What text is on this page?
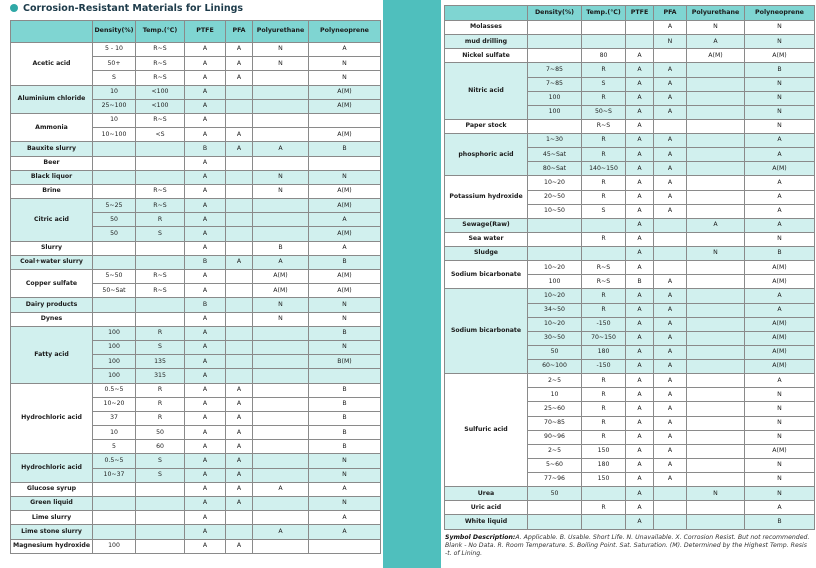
Corrosion-Resistant Materials for Linings
	Density(%)	Temp.(℃)	PTFE	PFA	Polyurethane	Polyneoprene
Acetic acid	5 - 10	R~S	A	A	N	A
	50+	R~S	A	A	N	N
	S	R~S	A	A		N
Aluminium chloride	10	<100	A			A(M)
	25~100	<100	A			A(M)
Ammonia	10	R~S	A			
	10~100	<S	A	A		A(M)
Bauxite slurry			B	A	A	B
Beer			A			
Black liquor			A		N	N
Brine		R~S	A		N	A(M)
Citric acid	5~25	R~S	A			A(M)
	50	R	A			A
	50	S	A			A(M)
Slurry			A		B	A
Coal+water slurry			B	A	A	B
Copper sulfate	5~50	R~S	A		A(M)	A(M)
	50~Sat	R~S	A		A(M)	A(M)
Dairy products			B		N	N
Dynes			A		N	N
Fatty acid	100	R	A			B
	100	S	A			N
	100	135	A			B(M)
	100	315	A			
Hydrochloric acid	0.5~5	R	A	A		B
	10~20	R	A	A		B
	37	R	A	A		B
	10	50	A	A		B
	5	60	A	A		B
Hydrochloric acid	0.5~5	S	A	A		N
	10~37	S	A	A		N
Glucose syrup			A	A	A	A
Green liquid			A	A		N
Lime slurry			A			A
Lime stone slurry			A		A	A
Magnesium hydroxide	100		A	A		
	Density(%)	Temp.(℃)	PTFE	PFA	Polyurethane	Polyneoprene
Molasses				A	N	N
mud drilling				N	A	N
Nickel sulfate		80	A		A(M)	A(M)
Nitric acid	7~85	R	A	A		B
	7~85	S	A	A		N
	100	R	A	A		N
	100	50~S	A	A		N
Paper stock		R~S	A			N
phosphoric acid	1~30	R	A	A		A
	45~Sat	R	A	A		A
	80~Sat	140~150	A	A		A(M)
Potassium hydroxide	10~20	R	A	A		A
	20~50	R	A	A		A
	10~50	S	A	A		A
Sewage(Raw)			A		A	A
Sea water		R	A			N
Sludge			A		N	B
Sodium bicarbonate	10~20	R~S	A			A(M)
	100	R~S	B	A		A(M)
Sodium bicarbonate	10~20	R	A	A		A
	34~50	R	A	A		A
	10~20	-150	A	A		A(M)
	30~50	70~150	A	A		A(M)
	50	180	A	A		A(M)
	60~100	-150	A	A		A(M)
Sulfuric acid	2~5	R	A	A		A
	10	R	A	A		N
	25~60	R	A	A		N
	70~85	R	A	A		N
	90~96	R	A	A		N
	2~5	150	A	A		A(M)
	5~60	180	A	A		N
	77~96	150	A	A		N
Urea	50		A		N	N
Uric acid		R	A			A
White liquid			A			B
Symbol Description:A. Applicable. B. Usable. Short Life. N. Unavailable. X. Corrosion Resist. But not recommended. Blank - No Data. R. Room Temperature. S. Boiling Point. Sat. Saturation. (M). Determined by the Highest Temp. Resis -t. of Lining.
